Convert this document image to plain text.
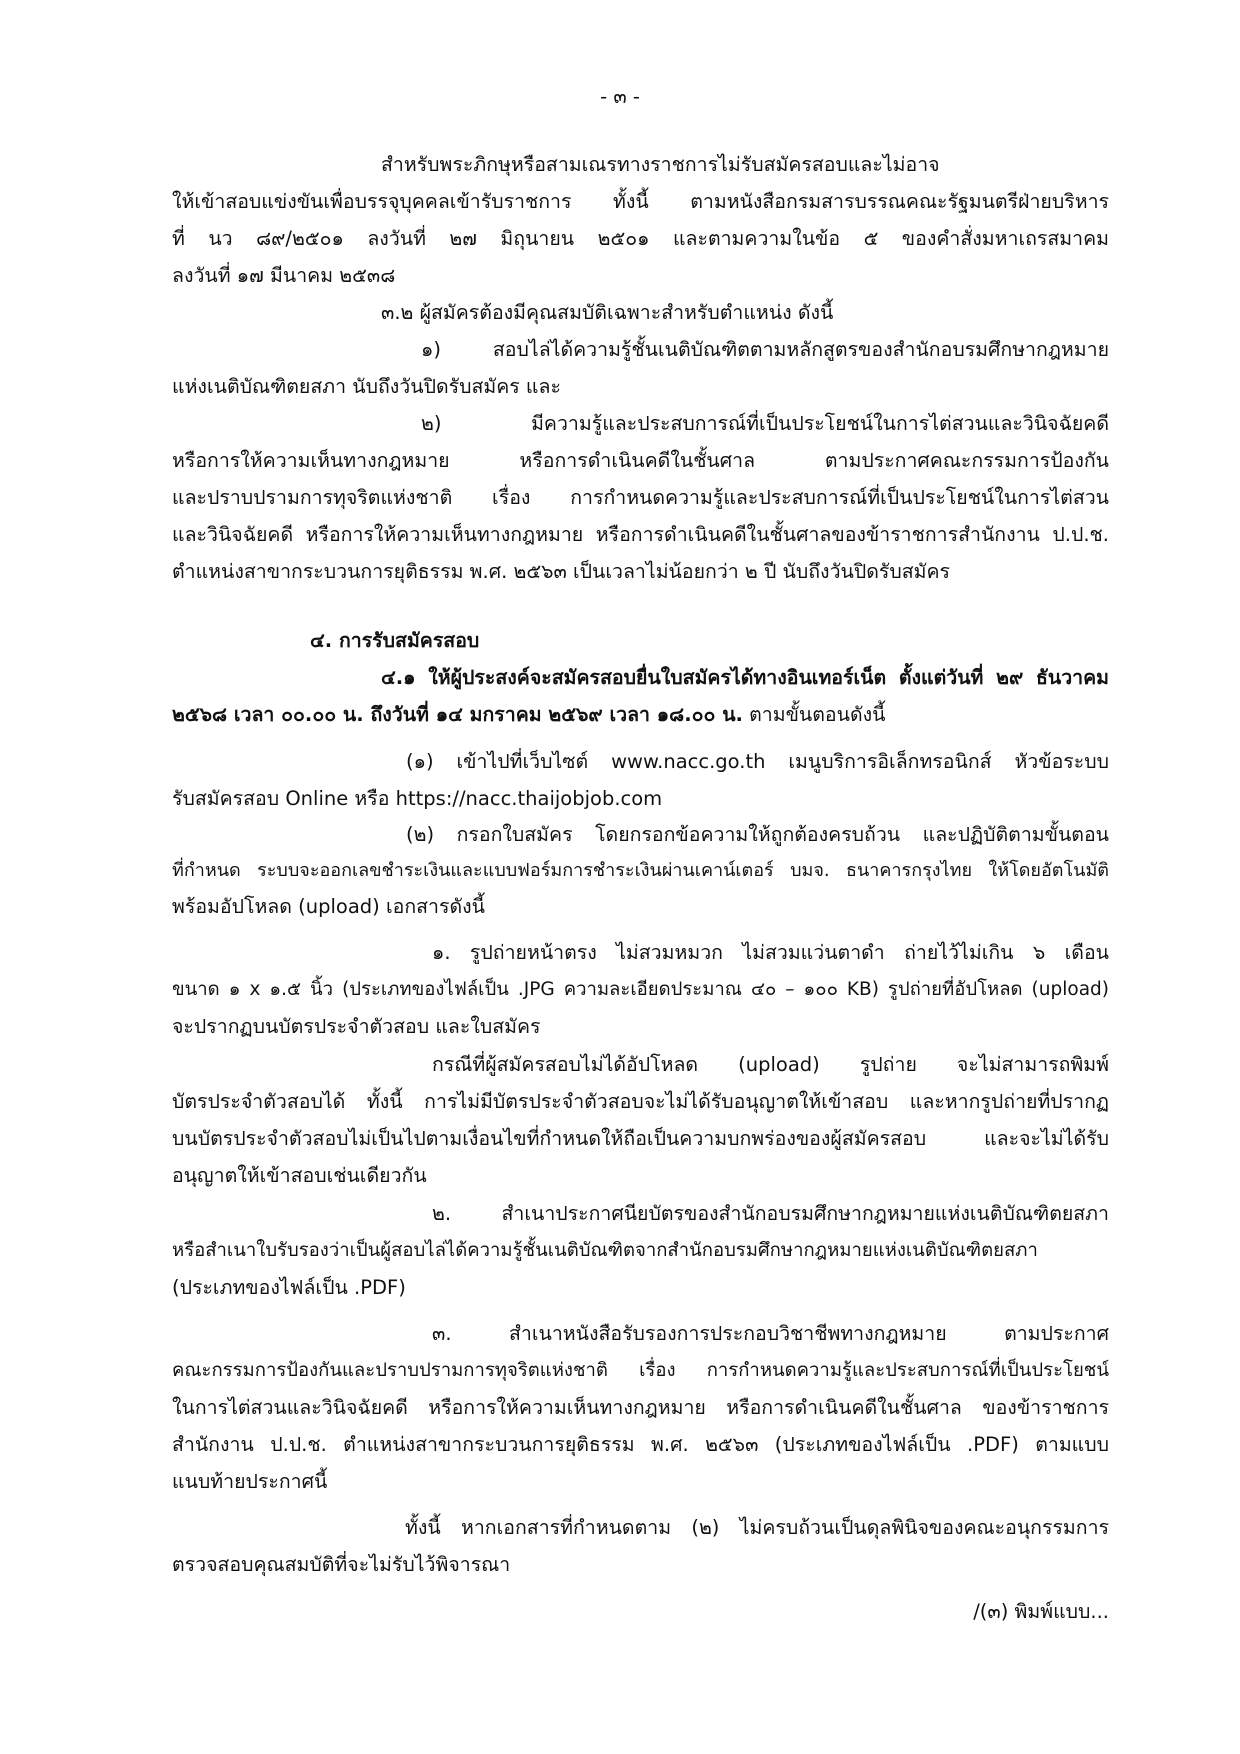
- ๓ -
สำหรับพระภิกษุหรือสามเณรทางราชการไม่รับสมัครสอบและไม่อาจ
ให้เข้าสอบแข่งขันเพื่อบรรจุบุคคลเข้ารับราชการ ทั้งนี้ ตามหนังสือกรมสารบรรณคณะรัฐมนตรีฝ่ายบริหาร
ที่ นว ๘๙/๒๕๐๑ ลงวันที่ ๒๗ มิถุนายน ๒๕๐๑ และตามความในข้อ ๕ ของคำสั่งมหาเถรสมาคม
ลงวันที่ ๑๗ มีนาคม ๒๕๓๘
๓.๒ ผู้สมัครต้องมีคุณสมบัติเฉพาะสำหรับตำแหน่ง ดังนี้
๑) สอบไล่ได้ความรู้ชั้นเนติบัณฑิตตามหลักสูตรของสำนักอบรมศึกษากฎหมาย
แห่งเนติบัณฑิตยสภา นับถึงวันปิดรับสมัคร และ
๒) มีความรู้และประสบการณ์ที่เป็นประโยชน์ในการไต่สวนและวินิจฉัยคดี
หรือการให้ความเห็นทางกฎหมาย หรือการดำเนินคดีในชั้นศาล ตามประกาศคณะกรรมการป้องกัน
และปราบปรามการทุจริตแห่งชาติ เรื่อง การกำหนดความรู้และประสบการณ์ที่เป็นประโยชน์ในการไต่สวน
และวินิจฉัยคดี หรือการให้ความเห็นทางกฎหมาย หรือการดำเนินคดีในชั้นศาลของข้าราชการสำนักงาน ป.ป.ช.
ตำแหน่งสาขากระบวนการยุติธรรม พ.ศ. ๒๕๖๓ เป็นเวลาไม่น้อยกว่า ๒ ปี นับถึงวันปิดรับสมัคร
๔. การรับสมัครสอบ
๔.๑ ให้ผู้ประสงค์จะสมัครสอบยื่นใบสมัครได้ทางอินเทอร์เน็ต ตั้งแต่วันที่ ๒๙ ธันวาคม
๒๕๖๘ เวลา ๐๐.๐๐ น. ถึงวันที่ ๑๔ มกราคม ๒๕๖๙ เวลา ๑๘.๐๐ น. ตามขั้นตอนดังนี้
(๑) เข้าไปที่เว็บไซต์ www.nacc.go.th เมนูบริการอิเล็กทรอนิกส์ หัวข้อระบบ
รับสมัครสอบ Online หรือ https://nacc.thaijobjob.com
(๒) กรอกใบสมัคร โดยกรอกข้อความให้ถูกต้องครบถ้วน และปฏิบัติตามขั้นตอน
ที่กำหนด ระบบจะออกเลขชำระเงินและแบบฟอร์มการชำระเงินผ่านเคาน์เตอร์ บมจ. ธนาคารกรุงไทย ให้โดยอัตโนมัติ
พร้อมอัปโหลด (upload) เอกสารดังนี้
๑. รูปถ่ายหน้าตรง ไม่สวมหมวก ไม่สวมแว่นตาดำ ถ่ายไว้ไม่เกิน ๖ เดือน
ขนาด ๑ x ๑.๕ นิ้ว (ประเภทของไฟล์เป็น .JPG ความละเอียดประมาณ ๔๐ – ๑๐๐ KB) รูปถ่ายที่อัปโหลด (upload)
จะปรากฏบนบัตรประจำตัวสอบ และใบสมัคร
กรณีที่ผู้สมัครสอบไม่ได้อัปโหลด (upload) รูปถ่าย จะไม่สามารถพิมพ์
บัตรประจำตัวสอบได้ ทั้งนี้ การไม่มีบัตรประจำตัวสอบจะไม่ได้รับอนุญาตให้เข้าสอบ และหากรูปถ่ายที่ปรากฏ
บนบัตรประจำตัวสอบไม่เป็นไปตามเงื่อนไขที่กำหนดให้ถือเป็นความบกพร่องของผู้สมัครสอบ และจะไม่ได้รับ
อนุญาตให้เข้าสอบเช่นเดียวกัน
๒. สำเนาประกาศนียบัตรของสำนักอบรมศึกษากฎหมายแห่งเนติบัณฑิตยสภา
หรือสำเนาใบรับรองว่าเป็นผู้สอบไล่ได้ความรู้ชั้นเนติบัณฑิตจากสำนักอบรมศึกษากฎหมายแห่งเนติบัณฑิตยสภา
(ประเภทของไฟล์เป็น .PDF)
๓. สำเนาหนังสือรับรองการประกอบวิชาชีพทางกฎหมาย ตามประกาศ
คณะกรรมการป้องกันและปราบปรามการทุจริตแห่งชาติ เรื่อง การกำหนดความรู้และประสบการณ์ที่เป็นประโยชน์
ในการไต่สวนและวินิจฉัยคดี หรือการให้ความเห็นทางกฎหมาย หรือการดำเนินคดีในชั้นศาล ของข้าราชการ
สำนักงาน ป.ป.ช. ตำแหน่งสาขากระบวนการยุติธรรม พ.ศ. ๒๕๖๓ (ประเภทของไฟล์เป็น .PDF) ตามแบบ
แนบท้ายประกาศนี้
ทั้งนี้ หากเอกสารที่กำหนดตาม (๒) ไม่ครบถ้วนเป็นดุลพินิจของคณะอนุกรรมการ
ตรวจสอบคุณสมบัติที่จะไม่รับไว้พิจารณา
/(๓) พิมพ์แบบ...
